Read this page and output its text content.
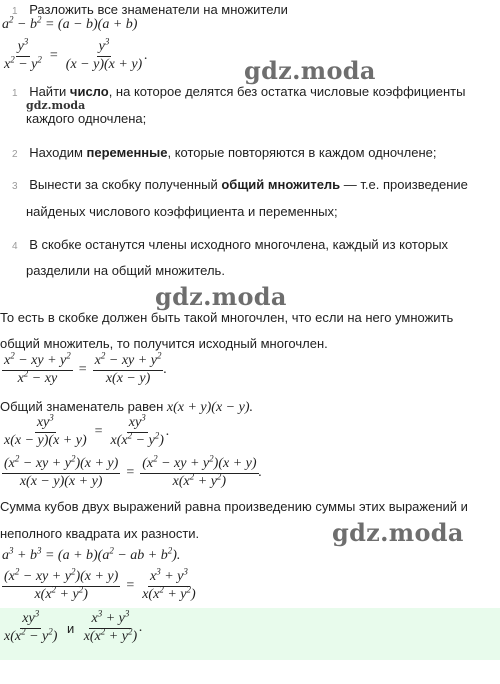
1 Разложить все знаменатели на множители
$a^2 - b^2 = (a - b)(a + b)$
$\frac{y^3}{x^2 - y^2} = \frac{y^3}{(x - y)(x + y)}$ .
gdz.moda
1 Найти число, на которое делятся без остатка числовые коэффициенты
gdz.moda
каждого одночлена;
2 Находим переменные, которые повторяются в каждом одночлене;
3 Вынести за скобку полученный общий множитель — т.е. произведение
найденых числового коэффициента и переменных;
4 В скобке останутся члены исходного многочлена, каждый из которых
разделили на общий множитель.
gdz.moda
То есть в скобке должен быть такой многочлен, что если на него умножить
общий множитель, то получится исходный многочлен.
$\frac{x^2 - xy + y^2}{x^2 - xy} = \frac{x^2 - xy + y^2}{x(x - y)}$ .
Общий знаменатель равен x(x + y)(x − y).
$\frac{xy^3}{x(x - y)(x + y)} = \frac{xy^3}{x(x^2 - y^2)}$ .
$\frac{(x^2 - xy + y^2)(x + y)}{x(x - y)(x + y)} = \frac{(x^2 - xy + y^2)(x + y)}{x(x^2 + y^2)}$ .
Сумма кубов двух выражений равна произведению суммы этих выражений и
неполного квадрата их разности.	gdz.moda
$a^3 + b^3 = (a + b)(a^2$ − ab + $b^2$).
$\frac{(x^2 - xy + y^2)(x + y)}{x(x^2 + y^2)} = \frac{x^3 + y^3}{x(x^2 + y^2)}$
$\frac{xy^3}{x(x^2 - y^2)}$ и $\frac{x^3 + y^3}{x(x^2 + y^2)}$ .
